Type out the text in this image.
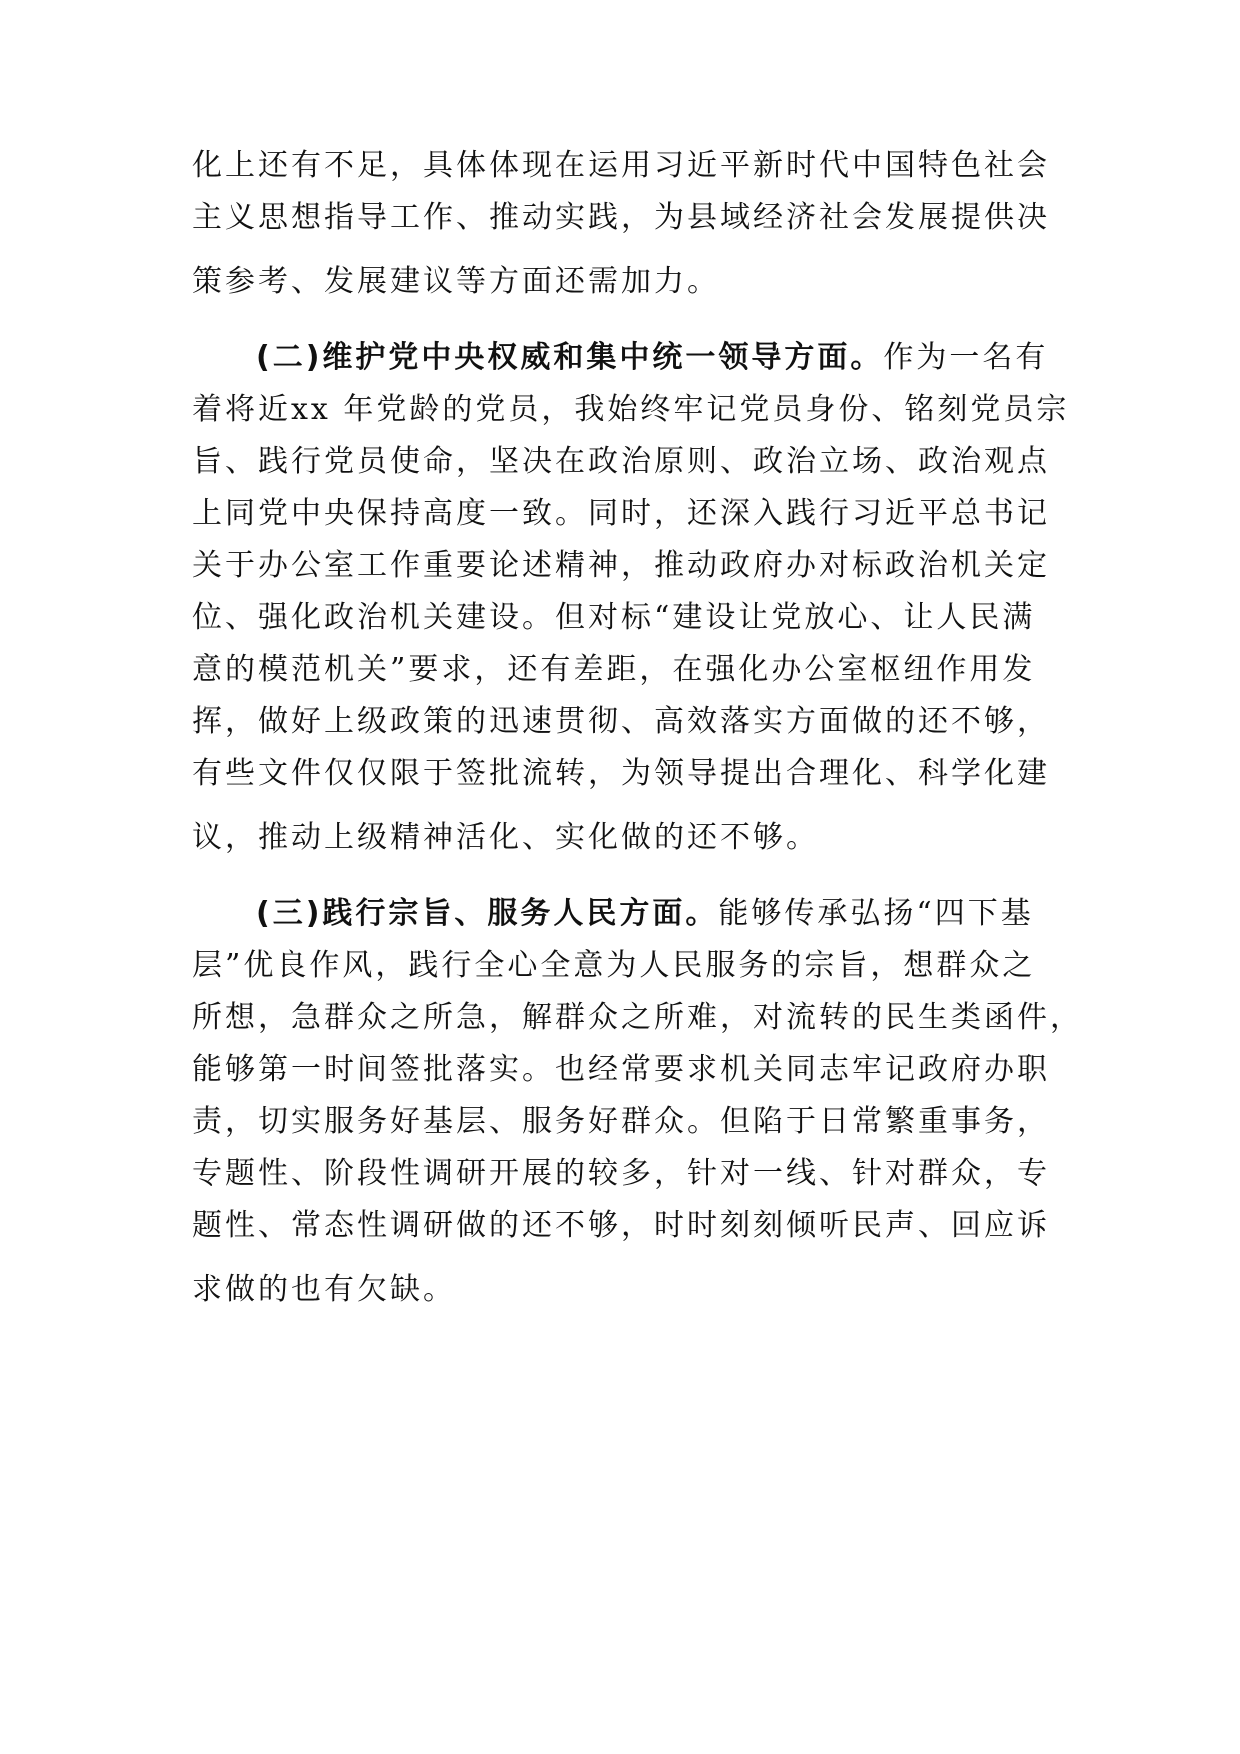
化上还有不足，具体体现在运用习近平新时代中国特色社会
主义思想指导工作、推动实践，为县域经济社会发展提供决
策参考、发展建议等方面还需加力。
(二)维护党中央权威和集中统一领导方面。作为一名有
着将近xx 年党龄的党员，我始终牢记党员身份、铭刻党员宗
旨、践行党员使命，坚决在政治原则、政治立场、政治观点
上同党中央保持高度一致。同时，还深入践行习近平总书记
关于办公室工作重要论述精神，推动政府办对标政治机关定
位、强化政治机关建设。但对标“建设让党放心、让人民满
意的模范机关”要求，还有差距，在强化办公室枢纽作用发
挥，做好上级政策的迅速贯彻、高效落实方面做的还不够，
有些文件仅仅限于签批流转，为领导提出合理化、科学化建
议，推动上级精神活化、实化做的还不够。
(三)践行宗旨、服务人民方面。能够传承弘扬“四下基
层”优良作风，践行全心全意为人民服务的宗旨，想群众之
所想，急群众之所急，解群众之所难，对流转的民生类函件，
能够第一时间签批落实。也经常要求机关同志牢记政府办职
责，切实服务好基层、服务好群众。但陷于日常繁重事务，
专题性、阶段性调研开展的较多，针对一线、针对群众，专
题性、常态性调研做的还不够，时时刻刻倾听民声、回应诉
求做的也有欠缺。
